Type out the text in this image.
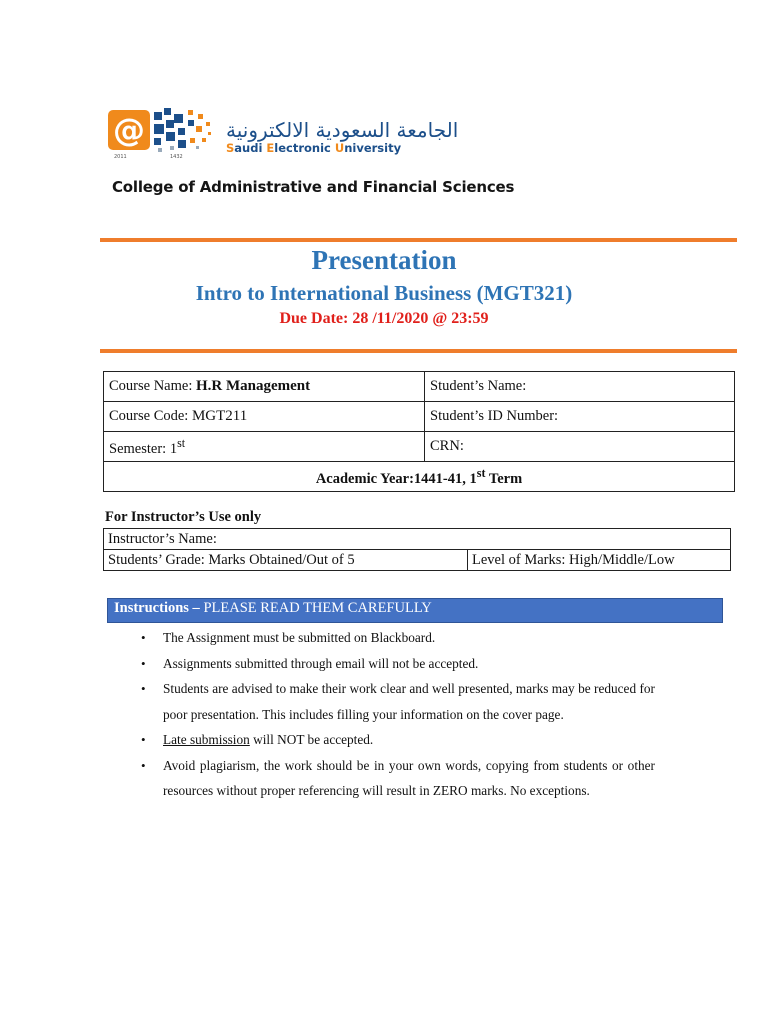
@
2011	1432
الجامعة السعودية الالكترونية
Saudi Electronic University
College of Administrative and Financial Sciences
Presentation
Intro to International Business (MGT321)
Due Date: 28 /11/2020 @ 23:59
Course Name: H.R Management	Student’s Name:
Course Code: MGT211	Student’s ID Number:
Semester: 1st	CRN:
Academic Year:1441-41, 1st Term	
For Instructor’s Use only
Instructor’s Name:
Students’ Grade: Marks Obtained/Out of 5	Level of Marks: High/Middle/Low
Instructions – PLEASE READ THEM CAREFULLY
• The Assignment must be submitted on Blackboard.
• Assignments submitted through email will not be accepted.
• Students are advised to make their work clear and well presented, marks may be reduced for poor presentation. This includes filling your information on the cover page.
• Late submission will NOT be accepted.
• Avoid plagiarism, the work should be in your own words, copying from students or other resources without proper referencing will result in ZERO marks. No exceptions.
